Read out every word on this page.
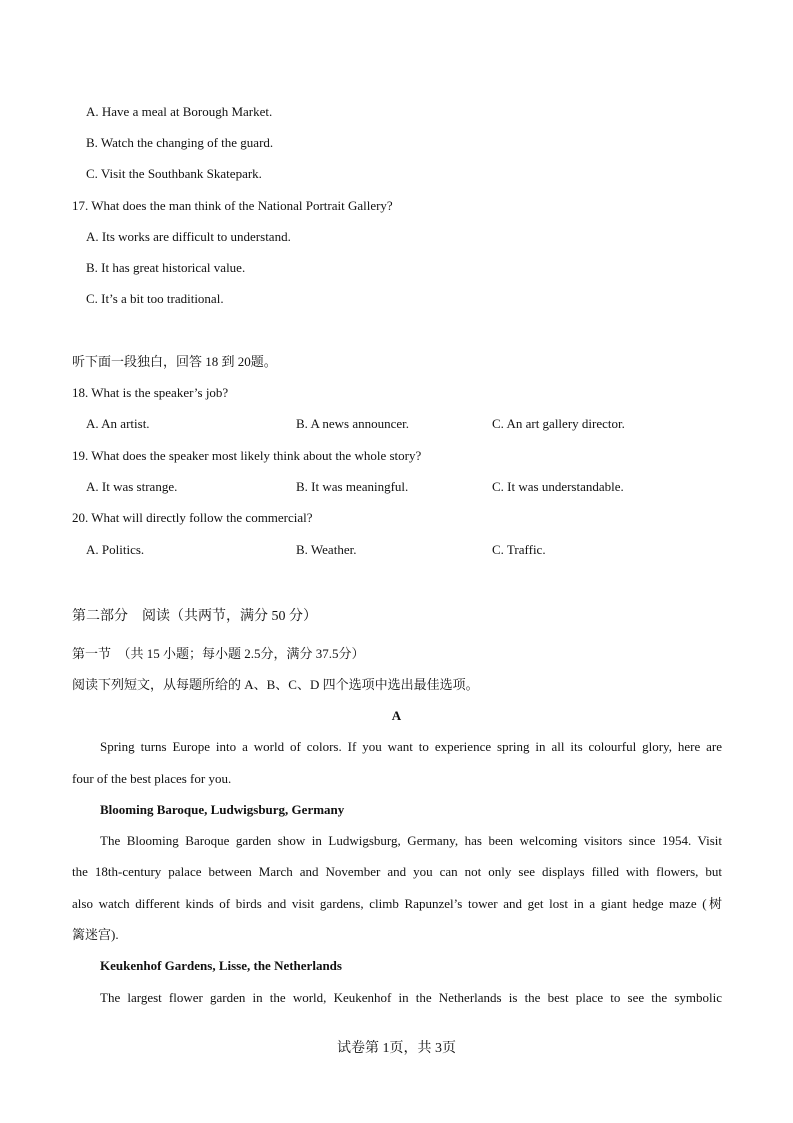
A. Have a meal at Borough Market.
B. Watch the changing of the guard.
C. Visit the Southbank Skatepark.
17. What does the man think of the National Portrait Gallery?
A. Its works are difficult to understand.
B. It has great historical value.
C. It’s a bit too traditional.
听下面一段独白，回答 18 到 20题。
18. What is the speaker’s job?
A. An artist.	B. A news announcer.	C. An art gallery director.
19. What does the speaker most likely think about the whole story?
A. It was strange.	B. It was meaningful.	C. It was understandable.
20. What will directly follow the commercial?
A. Politics.	B. Weather.	C. Traffic.
第二部分　阅读（共两节，满分 50 分）
第一节　（共 15 小题；每小题 2.5分，满分 37.5分）
阅读下列短文，从每题所给的 A、B、C、D 四个选项中选出最佳选项。
A
Spring turns Europe into a world of colors. If you want to experience spring in all its colourful glory, here are
four of the best places for you.
Blooming Baroque, Ludwigsburg, Germany
The Blooming Baroque garden show in Ludwigsburg, Germany, has been welcoming visitors since 1954. Visit
the 18th-century palace between March and November and you can not only see displays filled with flowers, but
also watch different kinds of birds and visit gardens, climb Rapunzel’s tower and get lost in a giant hedge maze (树
篱迷宫).
Keukenhof Gardens, Lisse, the Netherlands
The largest flower garden in the world, Keukenhof in the Netherlands is the best place to see the symbolic
试卷第 1页，共 3页
